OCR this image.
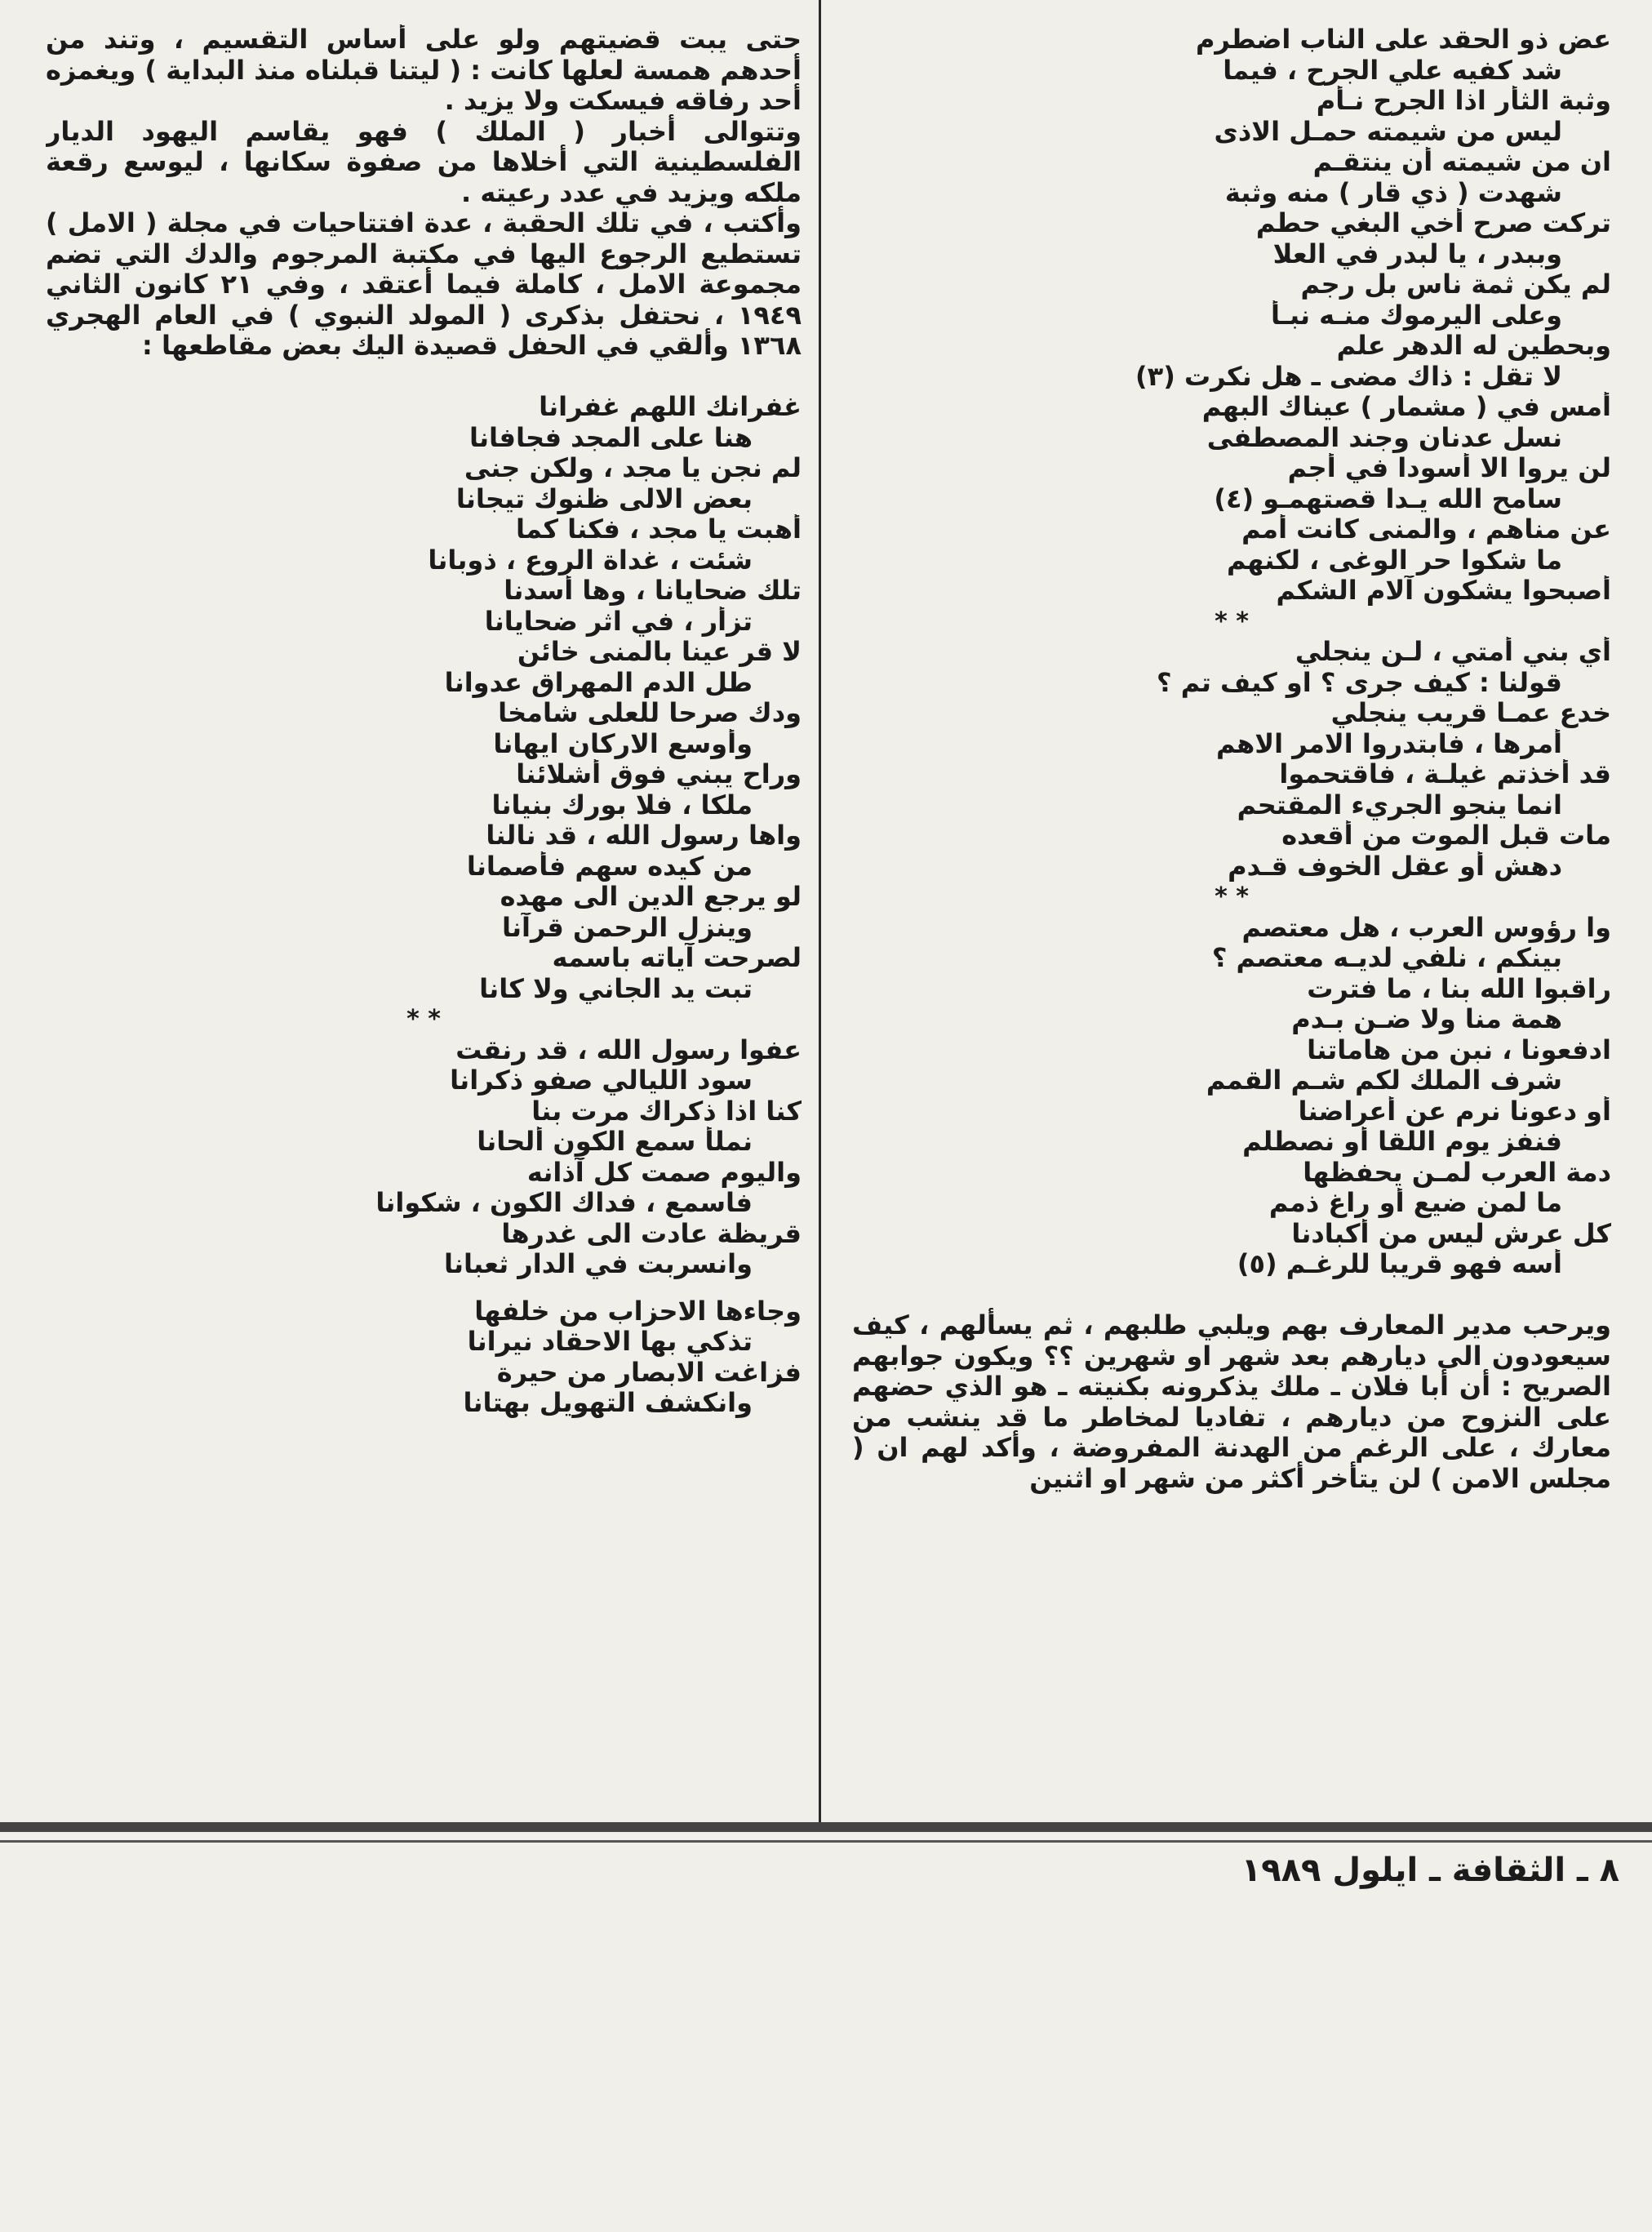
عض ذو الحقد على الناب اضطرم
شد كفيه علي الجرح ، فيما
وثبة الثأر اذا الجرح نـأم
ليس من شيمته حمـل الاذى
ان من شيمته أن ينتقـم
شهدت ( ذي قار ) منه وثبة
تركت صرح أخي البغي حطم
وببدر ، يا لبدر في العلا
لم يكن ثمة ناس بل رجم
وعلى اليرموك منـه نبـأ
وبحطين له الدهر علم
لا تقل : ذاك مضى ـ هل نكرت (٣)
أمس في ( مشمار ) عيناك البهم
نسل عدنان وجند المصطفى
لن يروا الا أسودا في أجم
سامح الله يـدا قصتهمـو (٤)
عن مناهم ، والمنى كانت أمم
ما شكوا حر الوغى ، لكنهم
أصبحوا يشكون آلام الشكم
* *
أي بني أمتي ، لـن ينجلي
قولنا : كيف جرى ؟ او كيف تم ؟
خدع عمـا قريب ينجلي
أمرها ، فابتدروا الامر الاهم
قد أخذتم غيلـة ، فاقتحموا
انما ينجو الجريء المقتحم
مات قبل الموت من أقعده
دهش أو عقل الخوف قـدم
* *
وا رؤوس العرب ، هل معتصم
بينكم ، نلفي لديـه معتصم ؟
راقبوا الله بنا ، ما فترت
همة منا ولا ضـن بـدم
ادفعونا ، نبن من هاماتنا
شرف الملك لكم شـم القمم
أو دعونا نرم عن أعراضنا
فنفز يوم اللقا أو نصطلم
دمة العرب لمـن يحفظها
ما لمن ضيع أو راغ ذمم
كل عرش ليس من أكبادنا
أسه فهو قريبا للرغـم (٥)

ويرحب مدير المعارف بهم ويلبي طلبهم ، ثم يسألهم ، كيف سيعودون الى ديارهم بعد شهر او شهرين ؟؟ ويكون جوابهم الصريح : أن أبا فلان ـ ملك يذكرونه بكنيته ـ هو الذي حضهم على النزوح من ديارهم ، تفاديا لمخاطر ما قد ينشب من معارك ، على الرغم من الهدنة المفروضة ، وأكد لهم ان ( مجلس الامن ) لن يتأخر أكثر من شهر او اثنين

حتى يبت قضيتهم ولو على أساس التقسيم ، وتند من أحدهم همسة لعلها كانت : ( ليتنا قبلناه منذ البداية ) ويغمزه أحد رفاقه فيسكت ولا يزيد .
وتتوالى أخبار ( الملك ) فهو يقاسم اليهود الديار الفلسطينية التي أخلاها من صفوة سكانها ، ليوسع رقعة ملكه ويزيد في عدد رعيته .
وأكتب ، في تلك الحقبة ، عدة افتتاحيات في مجلة ( الامل ) تستطيع الرجوع اليها في مكتبة المرجوم والدك التي تضم مجموعة الامل ، كاملة فيما أعتقد ، وفي ٢١ كانون الثاني ١٩٤٩ ، نحتفل بذكرى ( المولد النبوي ) في العام الهجري ١٣٦٨ وألقي في الحفل قصيدة اليك بعض مقاطعها :

غفرانك اللهم غفرانا
هنا على المجد فجافانا
لم نجن يا مجد ، ولكن جنى
بعض الالى ظنوك تيجانا
أهبت يا مجد ، فكنا كما
شئت ، غداة الروع ، ذوبانا
تلك ضحايانا ، وها أسدنا
تزأر ، في اثر ضحايانا
لا قر عينا بالمنى خائن
طل الدم المهراق عدوانا
ودك صرحا للعلى شامخا
وأوسع الاركان ايهانا
وراح يبني فوق أشلائنا
ملكا ، فلا بورك بنيانا
واها رسول الله ، قد نالنا
من كيده سهم فأصمانا
لو يرجع الدين الى مهده
وينزل الرحمن قرآنا
لصرحت آياته باسمه
تبت يد الجاني ولا كانا
* *
عفوا رسول الله ، قد رنقت
سود الليالي صفو ذكرانا
كنا اذا ذكراك مرت بنا
نملأ سمع الكون ألحانا
واليوم صمت كل آذانه
فاسمع ، فداك الكون ، شكوانا
قريظة عادت الى غدرها
وانسربت في الدار ثعبانا
وجاءها الاحزاب من خلفها
تذكي بها الاحقاد نيرانا
فزاغت الابصار من حيرة
وانكشف التهويل بهتانا
٨ ـ الثقافة ـ ايلول ١٩٨٩
